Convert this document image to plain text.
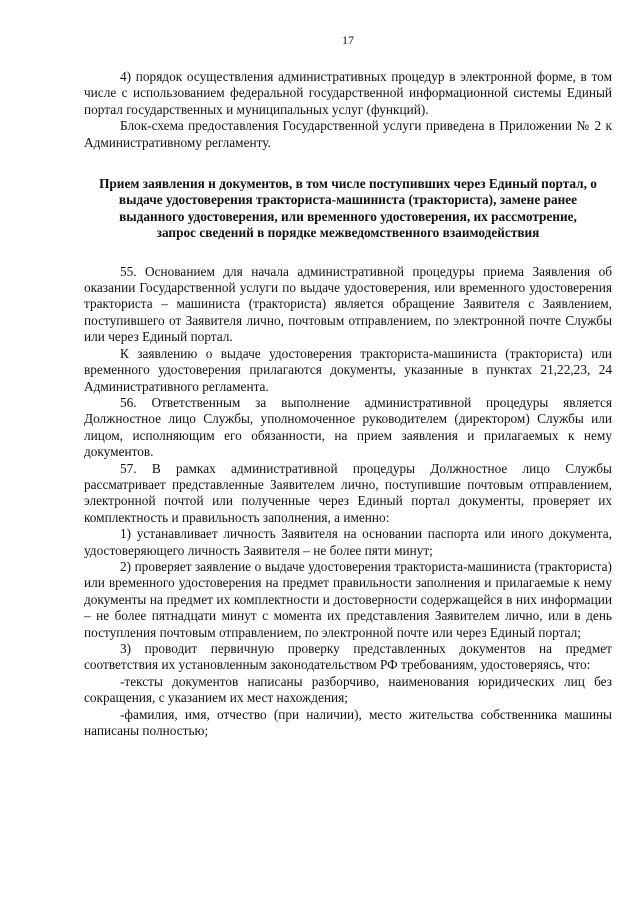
17

4) порядок осуществления административных процедур в электронной форме, в том числе с использованием федеральной государственной информационной системы Единый портал государственных и муниципальных услуг (функций).

Блок-схема предоставления Государственной услуги приведена в Приложении № 2 к Административному регламенту.

Прием заявления и документов, в том числе поступивших через Единый портал, о выдаче удостоверения тракториста-машиниста (тракториста), замене ранее выданного удостоверения, или временного удостоверения, их рассмотрение, запрос сведений в порядке межведомственного взаимодействия

55. Основанием для начала административной процедуры приема Заявления об оказании Государственной услуги по выдаче удостоверения, или временного удостоверения тракториста – машиниста (тракториста) является обращение Заявителя с Заявлением, поступившего от Заявителя лично, почтовым отправлением, по электронной почте Службы или через Единый портал.

К заявлению о выдаче удостоверения тракториста-машиниста (тракториста) или временного удостоверения прилагаются документы, указанные в пунктах 21,22,23, 24 Административного регламента.

56. Ответственным за выполнение административной процедуры является Должностное лицо Службы, уполномоченное руководителем (директором) Службы или лицом, исполняющим его обязанности, на прием заявления и прилагаемых к нему документов.

57. В рамках административной процедуры Должностное лицо Службы рассматривает представленные Заявителем лично, поступившие почтовым отправлением, электронной почтой или полученные через Единый портал документы, проверяет их комплектность и правильность заполнения, а именно:

1) устанавливает личность Заявителя на основании паспорта или иного документа, удостоверяющего личность Заявителя – не более пяти минут;

2) проверяет заявление о выдаче удостоверения тракториста-машиниста (тракториста) или временного удостоверения на предмет правильности заполнения и прилагаемые к нему документы на предмет их комплектности и достоверности содержащейся в них информации – не более пятнадцати минут с момента их представления Заявителем лично, или в день поступления почтовым отправлением, по электронной почте или через Единый портал;

3) проводит первичную проверку представленных документов на предмет соответствия их установленным законодательством РФ требованиям, удостоверяясь, что:

-тексты документов написаны разборчиво, наименования юридических лиц без сокращения, с указанием их мест нахождения;

-фамилия, имя, отчество (при наличии), место жительства собственника машины написаны полностью;
